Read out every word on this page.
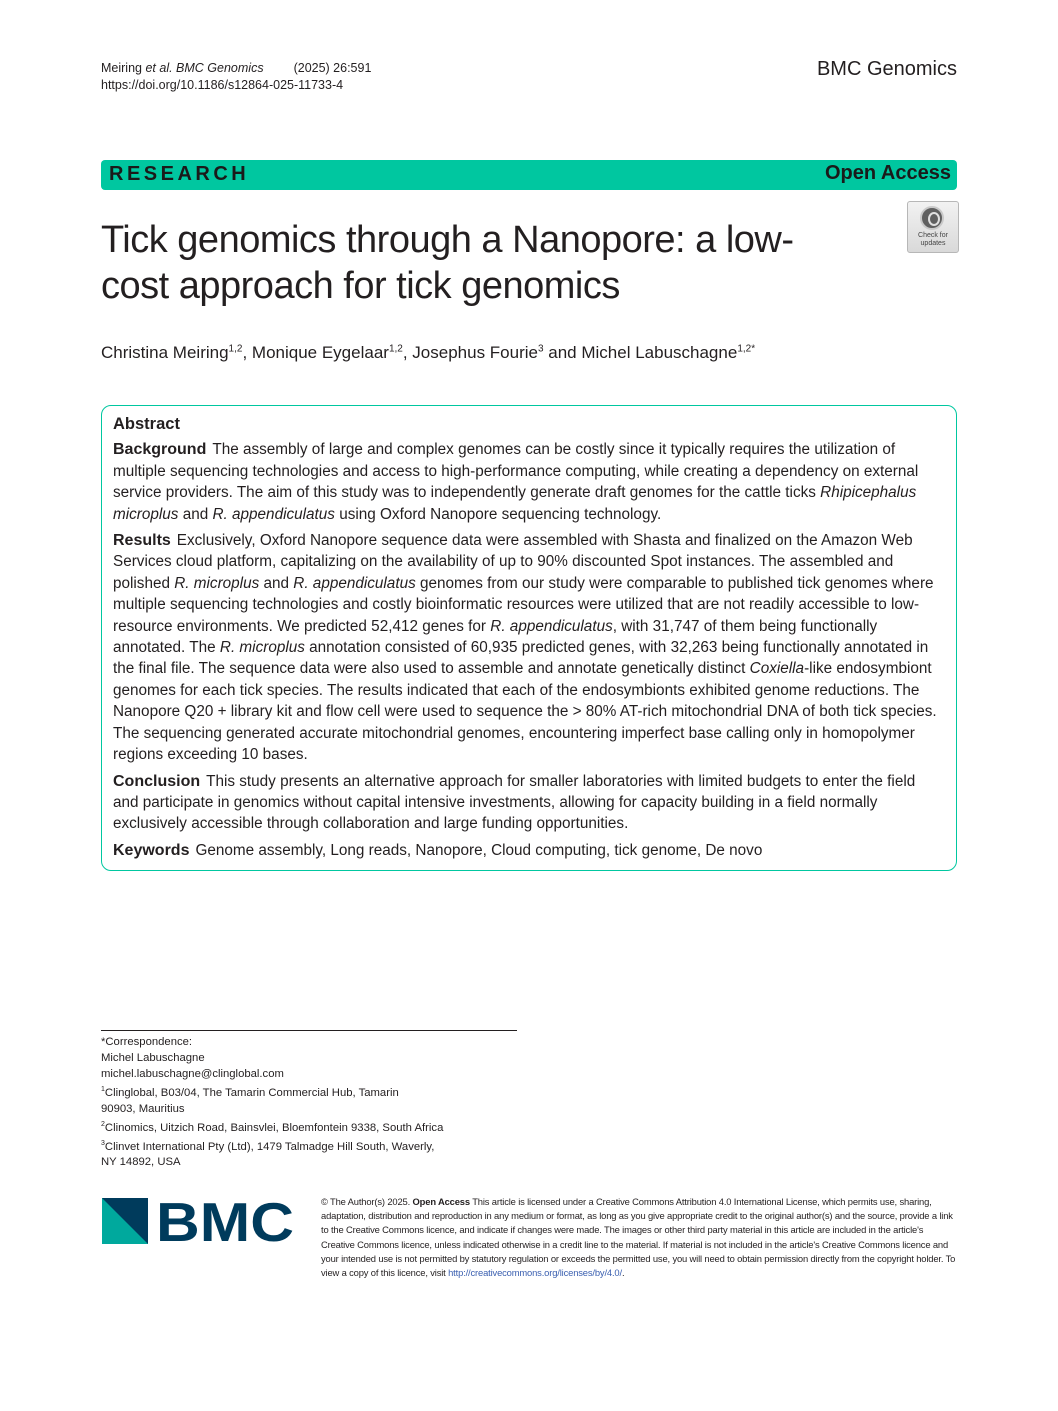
Meiring et al. BMC Genomics (2025) 26:591
https://doi.org/10.1186/s12864-025-11733-4
BMC Genomics
RESEARCH	Open Access
Tick genomics through a Nanopore: a low-cost approach for tick genomics
Check for updates
Christina Meiring$^{1,2}$, Monique Eygelaar$^{1,2}$, Josephus Fourie$^3$ and Michel Labuschagne$^{1,2*}$
Abstract

Background The assembly of large and complex genomes can be costly since it typically requires the utilization of multiple sequencing technologies and access to high-performance computing, while creating a dependency on external service providers. The aim of this study was to independently generate draft genomes for the cattle ticks Rhipicephalus microplus and R. appendiculatus using Oxford Nanopore sequencing technology.

Results Exclusively, Oxford Nanopore sequence data were assembled with Shasta and finalized on the Amazon Web Services cloud platform, capitalizing on the availability of up to 90% discounted Spot instances. The assembled and polished R. microplus and R. appendiculatus genomes from our study were comparable to published tick genomes where multiple sequencing technologies and costly bioinformatic resources were utilized that are not readily accessible to low-resource environments. We predicted 52,412 genes for R. appendiculatus, with 31,747 of them being functionally annotated. The R. microplus annotation consisted of 60,935 predicted genes, with 32,263 being functionally annotated in the final file. The sequence data were also used to assemble and annotate genetically distinct Coxiella-like endosymbiont genomes for each tick species. The results indicated that each of the endosymbionts exhibited genome reductions. The Nanopore Q20 + library kit and flow cell were used to sequence the > 80% AT-rich mitochondrial DNA of both tick species. The sequencing generated accurate mitochondrial genomes, encountering imperfect base calling only in homopolymer regions exceeding 10 bases.

Conclusion This study presents an alternative approach for smaller laboratories with limited budgets to enter the field and participate in genomics without capital intensive investments, allowing for capacity building in a field normally exclusively accessible through collaboration and large funding opportunities.

Keywords Genome assembly, Long reads, Nanopore, Cloud computing, tick genome, De novo

*Correspondence:
Michel Labuschagne
michel.labuschagne@clinglobal.com
$^1$Clinglobal, B03/04, The Tamarin Commercial Hub, Tamarin
90903, Mauritius
$^2$Clinomics, Uitzich Road, Bainsvlei, Bloemfontein 9338, South Africa
$^3$Clinvet International Pty (Ltd), 1479 Talmadge Hill South, Waverly,
NY 14892, USA
BMC	© The Author(s) 2025. Open Access This article is licensed under a Creative Commons Attribution 4.0 International License, which permits use, sharing, adaptation, distribution and reproduction in any medium or format, as long as you give appropriate credit to the original author(s) and the source, provide a link to the Creative Commons licence, and indicate if changes were made. The images or other third party material in this article are included in the article's Creative Commons licence, unless indicated otherwise in a credit line to the material. If material is not included in the article's Creative Commons licence and your intended use is not permitted by statutory regulation or exceeds the permitted use, you will need to obtain permission directly from the copyright holder. To view a copy of this licence, visit http://creativecommons.org/licenses/by/4.0/.
